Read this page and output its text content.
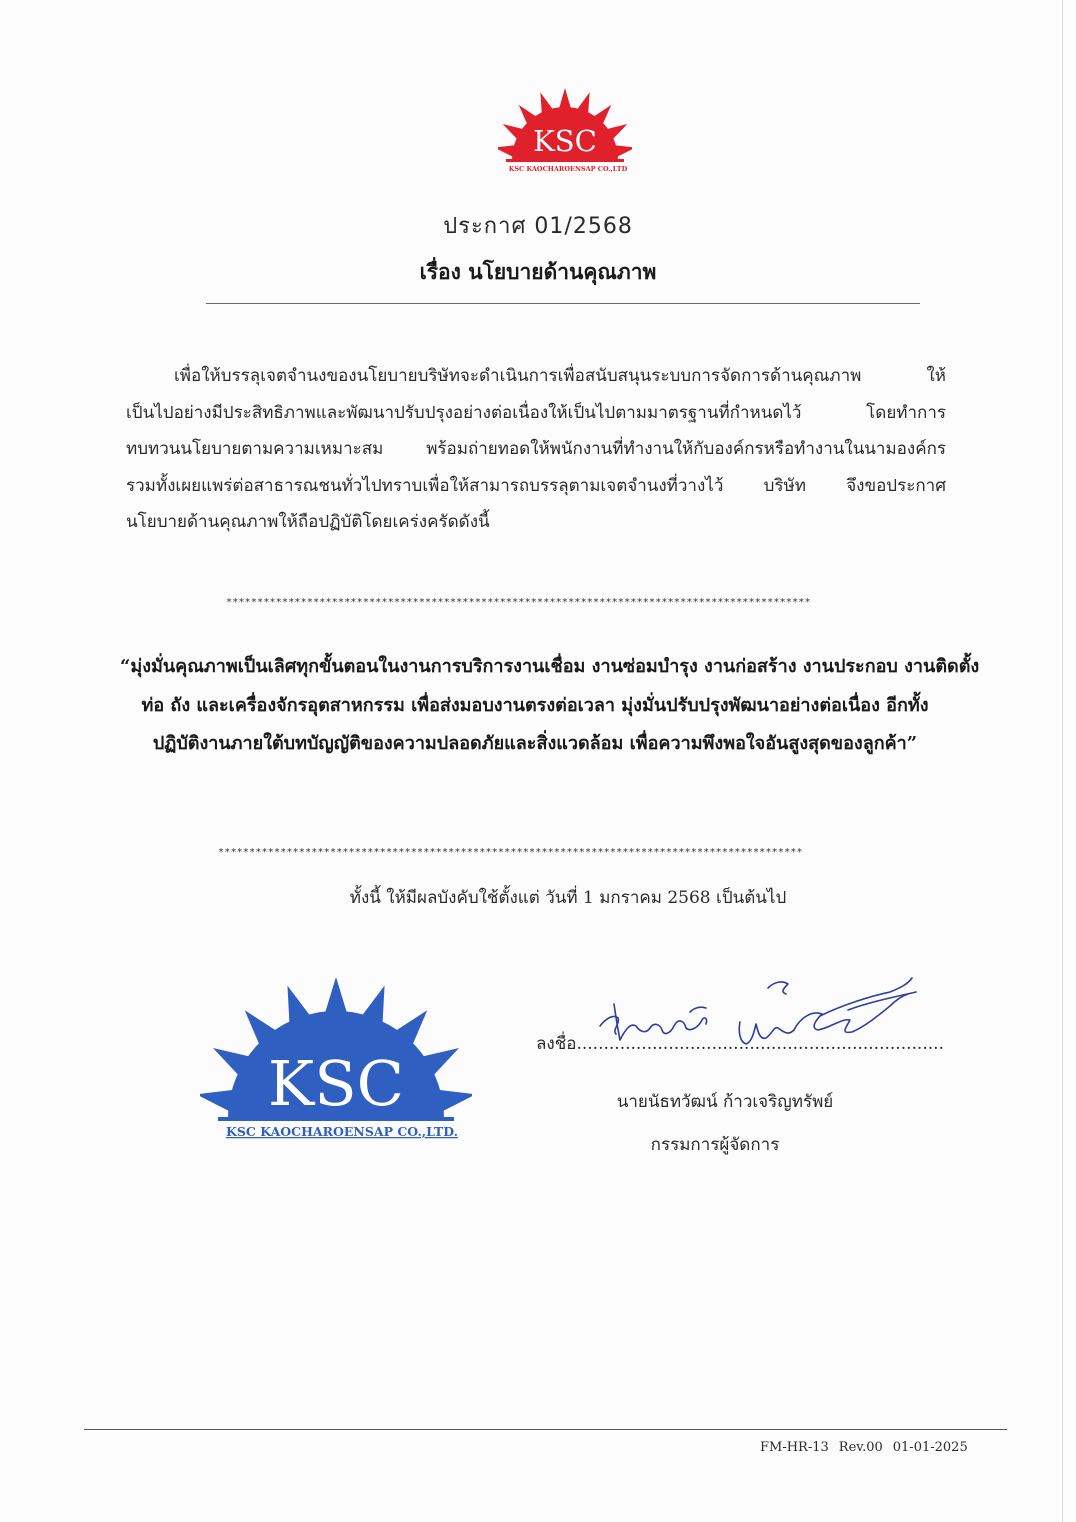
KSC
KSC KAOCHAROENSAP CO.,LTD
ประกาศ 01/2568
เรื่อง นโยบายด้านคุณภาพ

เพื่อให้บรรลุเจตจำนงของนโยบายบริษัทจะดำเนินการเพื่อสนับสนุนระบบการจัดการด้านคุณภาพ ให้

เป็นไปอย่างมีประสิทธิภาพและพัฒนาปรับปรุงอย่างต่อเนื่องให้เป็นไปตามมาตรฐานที่กำหนดไว้ โดยทำการ

ทบทวนนโยบายตามความเหมาะสม พร้อมถ่ายทอดให้พนักงานที่ทำงานให้กับองค์กรหรือทำงานในนามองค์กร

รวมทั้งเผยแพร่ต่อสาธารณชนทั่วไปทราบเพื่อให้สามารถบรรลุตามเจตจำนงที่วางไว้ บริษัท จึงขอประกาศ

นโยบายด้านคุณภาพให้ถือปฏิบัติโดยเคร่งครัดดังนี้

**********************************************************************************************

“มุ่งมั่นคุณภาพเป็นเลิศทุกขั้นตอนในงานการบริการงานเชื่อม งานซ่อมบำรุง งานก่อสร้าง งานประกอบ งานติดตั้ง

ท่อ ถัง และเครื่องจักรอุตสาหกรรม เพื่อส่งมอบงานตรงต่อเวลา มุ่งมั่นปรับปรุงพัฒนาอย่างต่อเนื่อง อีกทั้ง

ปฏิบัติงานภายใต้บทบัญญัติของความปลอดภัยและสิ่งแวดล้อม เพื่อความพึงพอใจอันสูงสุดของลูกค้า”

**********************************************************************************************
ทั้งนี้ ให้มีผลบังคับใช้ตั้งแต่ วันที่ 1 มกราคม 2568 เป็นต้นไป
KSC
KSC KAOCHAROENSAP CO.,LTD.
ลงชื่อ....................................................................
นายนัธทวัฒน์ ก้าวเจริญทรัพย์
กรรมการผู้จัดการ
FM-HR-13 Rev.00 01-01-2025
